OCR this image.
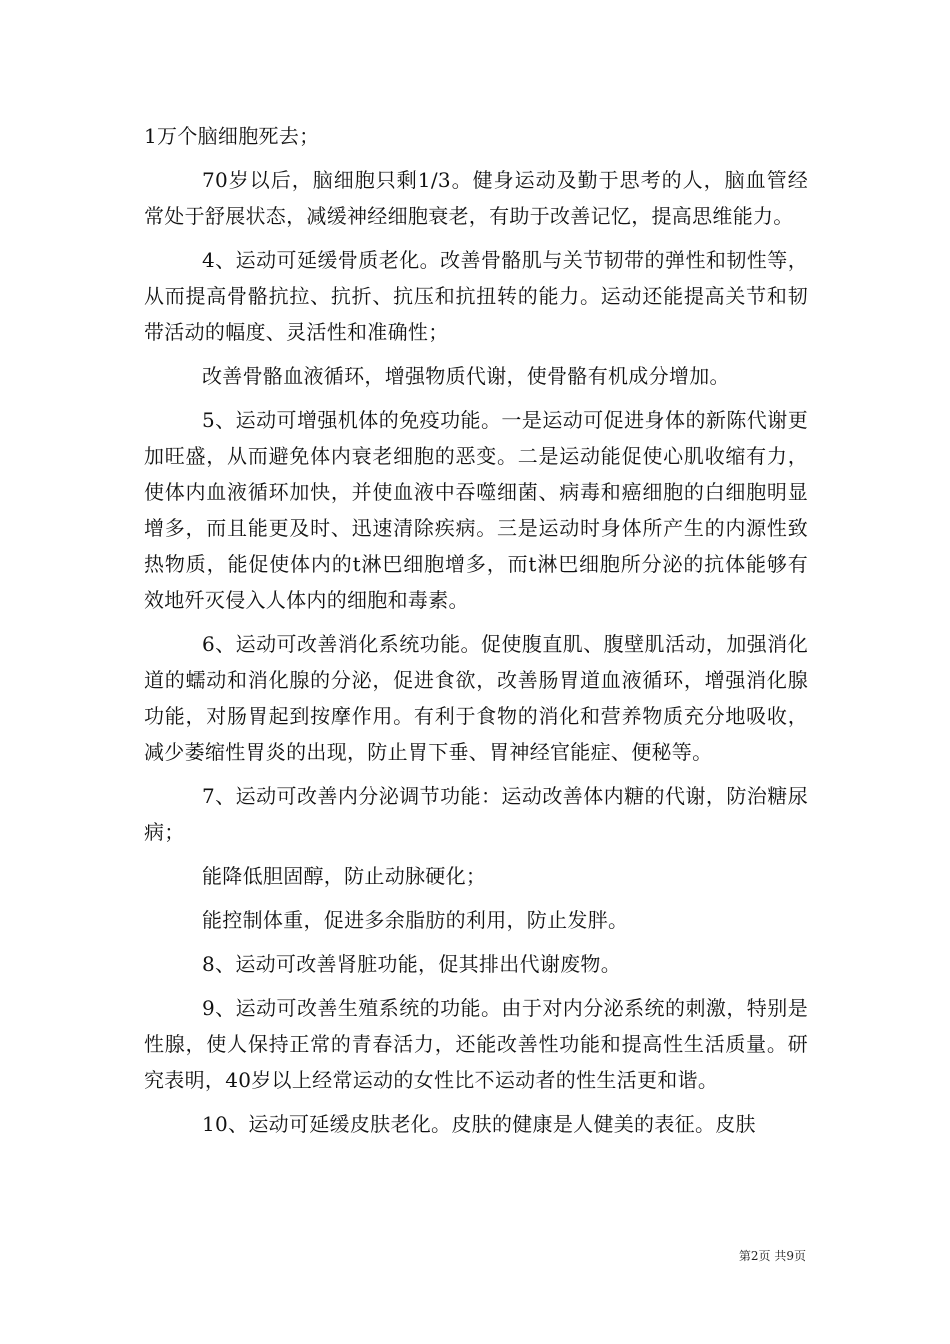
1万个脑细胞死去；

70岁以后，脑细胞只剩1/3。健身运动及勤于思考的人，脑血管经常处于舒展状态，减缓神经细胞衰老，有助于改善记忆，提高思维能力。

4、运动可延缓骨质老化。改善骨骼肌与关节韧带的弹性和韧性等，从而提高骨骼抗拉、抗折、抗压和抗扭转的能力。运动还能提高关节和韧带活动的幅度、灵活性和准确性；

改善骨骼血液循环，增强物质代谢，使骨骼有机成分增加。

5、运动可增强机体的免疫功能。一是运动可促进身体的新陈代谢更加旺盛，从而避免体内衰老细胞的恶变。二是运动能促使心肌收缩有力，使体内血液循环加快，并使血液中吞噬细菌、病毒和癌细胞的白细胞明显增多，而且能更及时、迅速清除疾病。三是运动时身体所产生的内源性致热物质，能促使体内的t淋巴细胞增多，而t淋巴细胞所分泌的抗体能够有效地歼灭侵入人体内的细胞和毒素。

6、运动可改善消化系统功能。促使腹直肌、腹壁肌活动，加强消化道的蠕动和消化腺的分泌，促进食欲，改善肠胃道血液循环，增强消化腺功能，对肠胃起到按摩作用。有利于食物的消化和营养物质充分地吸收，减少萎缩性胃炎的出现，防止胃下垂、胃神经官能症、便秘等。

7、运动可改善内分泌调节功能：运动改善体内糖的代谢，防治糖尿病；

能降低胆固醇，防止动脉硬化；

能控制体重，促进多余脂肪的利用，防止发胖。

8、运动可改善肾脏功能，促其排出代谢废物。

9、运动可改善生殖系统的功能。由于对内分泌系统的刺激，特别是性腺，使人保持正常的青春活力，还能改善性功能和提高性生活质量。研究表明，40岁以上经常运动的女性比不运动者的性生活更和谐。

10、运动可延缓皮肤老化。皮肤的健康是人健美的表征。皮肤

第2页 共9页
